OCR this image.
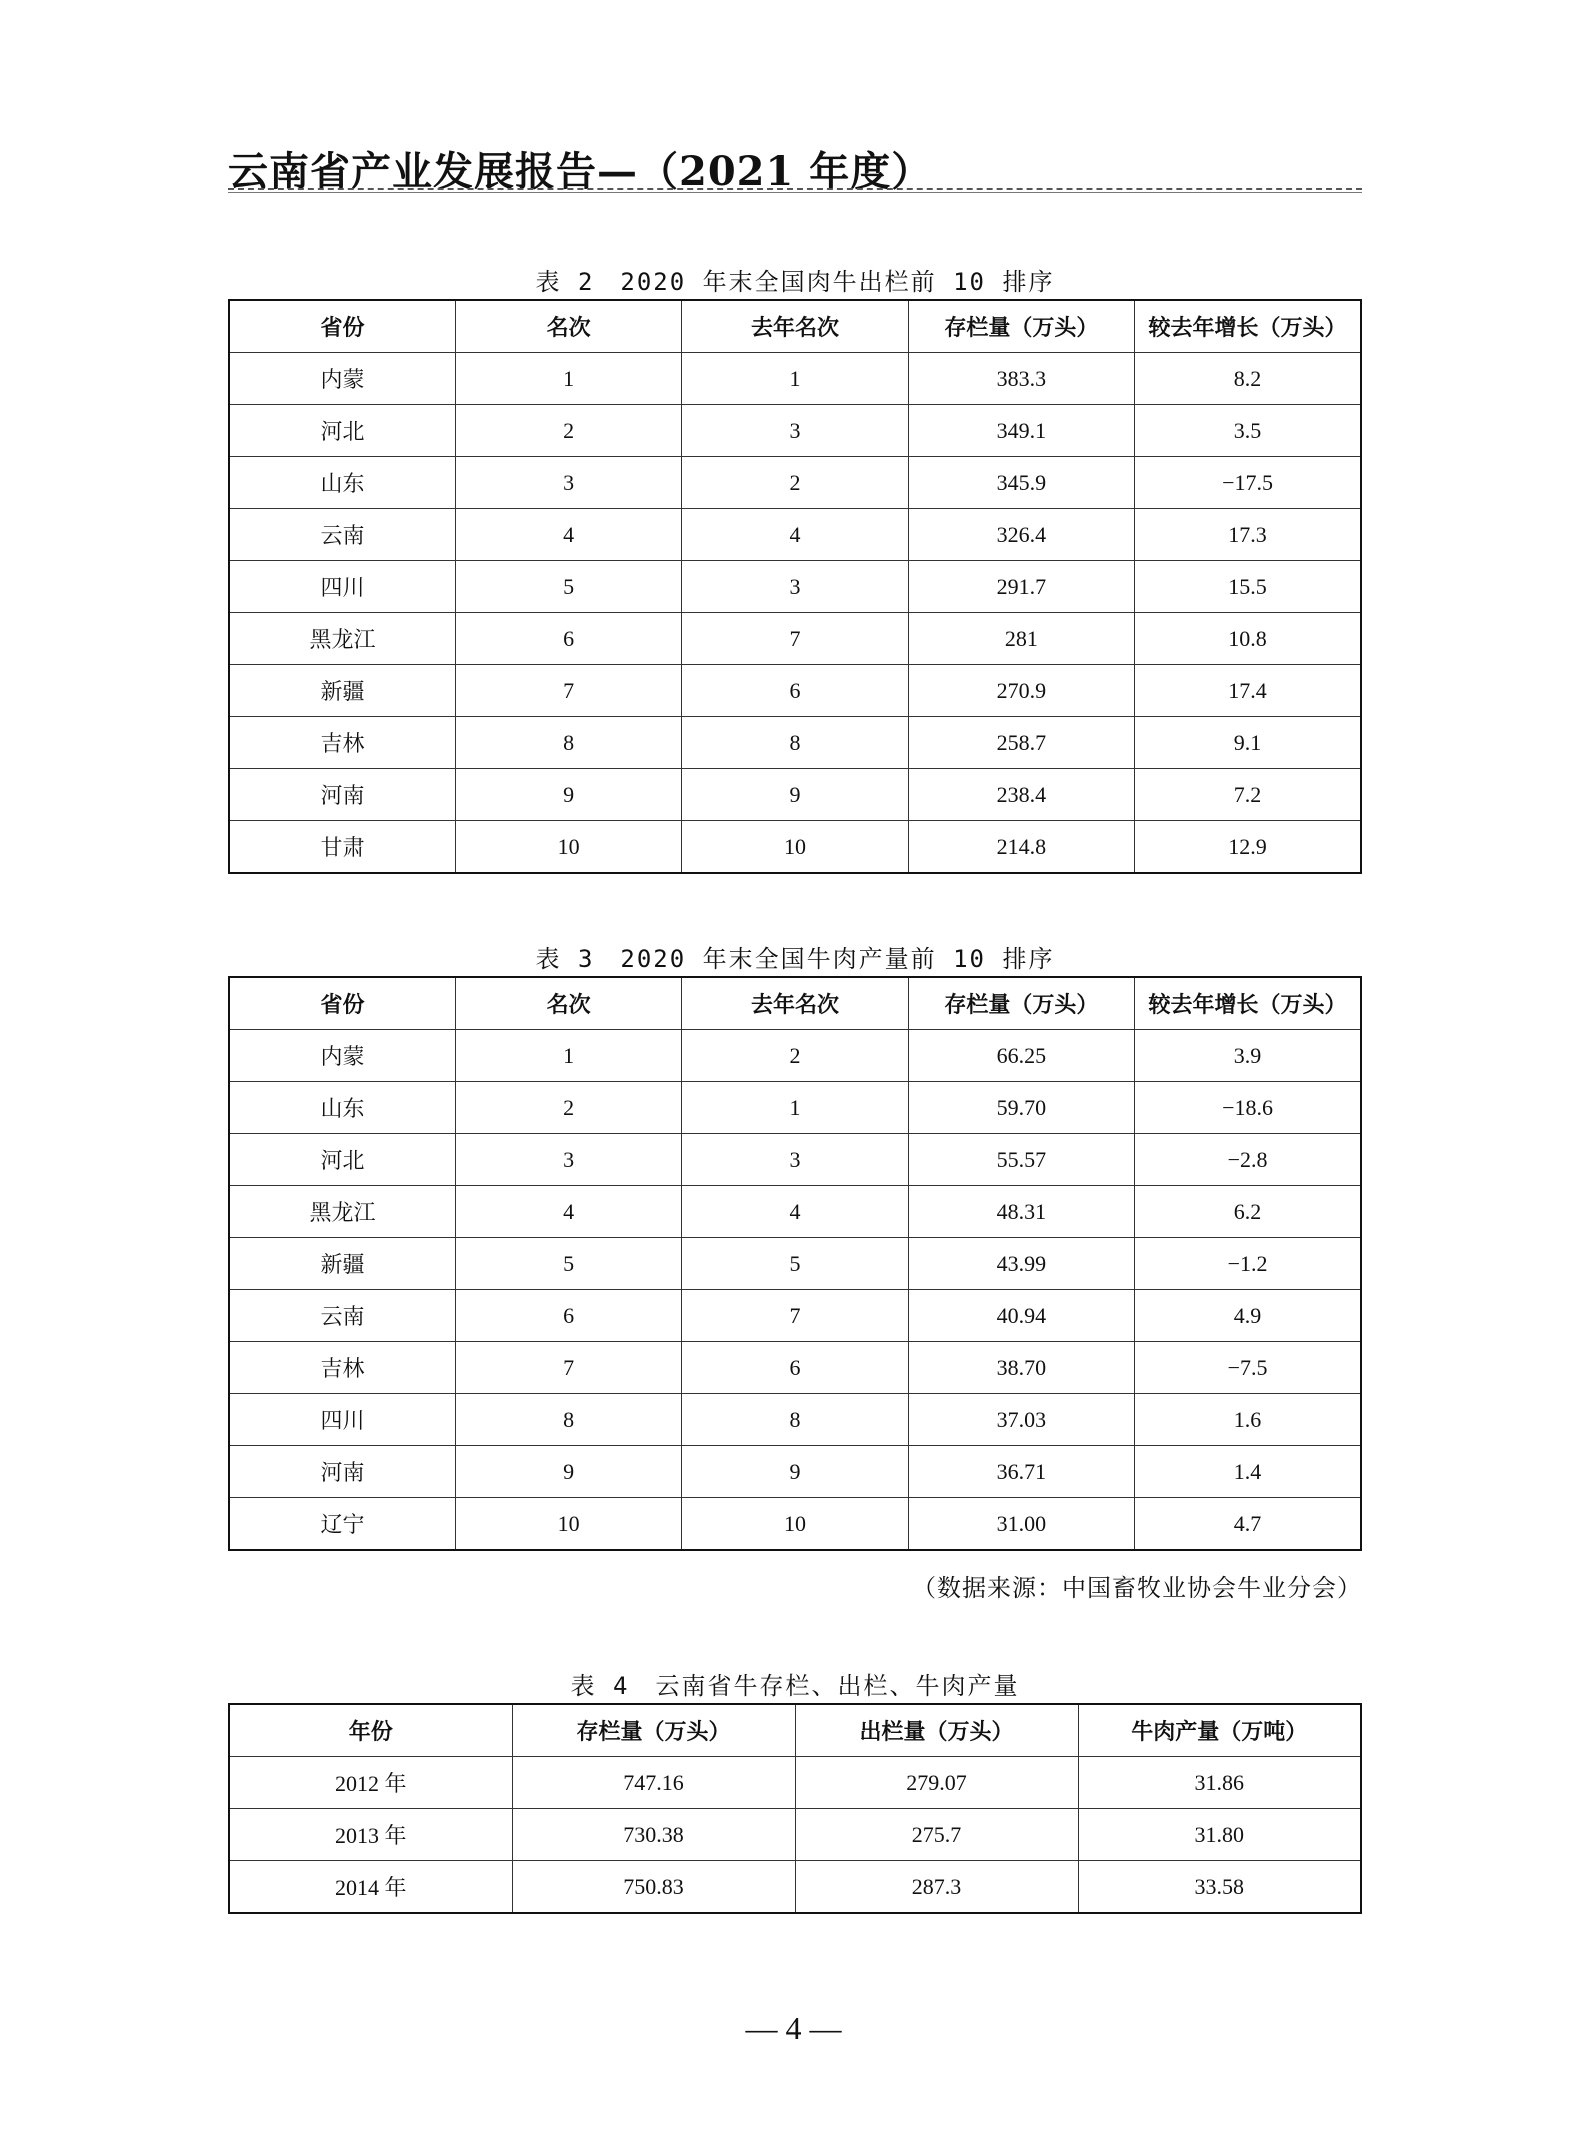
云南省产业发展报告—（2021 年度）
表 2　2020 年末全国肉牛出栏前 10 排序
省份	名次	去年名次	存栏量（万头）	较去年增长（万头）
内蒙	1	1	383.3	8.2
河北	2	3	349.1	3.5
山东	3	2	345.9	−17.5
云南	4	4	326.4	17.3
四川	5	3	291.7	15.5
黑龙江	6	7	281	10.8
新疆	7	6	270.9	17.4
吉林	8	8	258.7	9.1
河南	9	9	238.4	7.2
甘肃	10	10	214.8	12.9
表 3　2020 年末全国牛肉产量前 10 排序
省份	名次	去年名次	存栏量（万头）	较去年增长（万头）
内蒙	1	2	66.25	3.9
山东	2	1	59.70	−18.6
河北	3	3	55.57	−2.8
黑龙江	4	4	48.31	6.2
新疆	5	5	43.99	−1.2
云南	6	7	40.94	4.9
吉林	7	6	38.70	−7.5
四川	8	8	37.03	1.6
河南	9	9	36.71	1.4
辽宁	10	10	31.00	4.7
（数据来源：中国畜牧业协会牛业分会）
表 4　云南省牛存栏、出栏、牛肉产量
年份	存栏量（万头）	出栏量（万头）	牛肉产量（万吨）
2012 年	747.16	279.07	31.86
2013 年	730.38	275.7	31.80
2014 年	750.83	287.3	33.58
— 4 —
